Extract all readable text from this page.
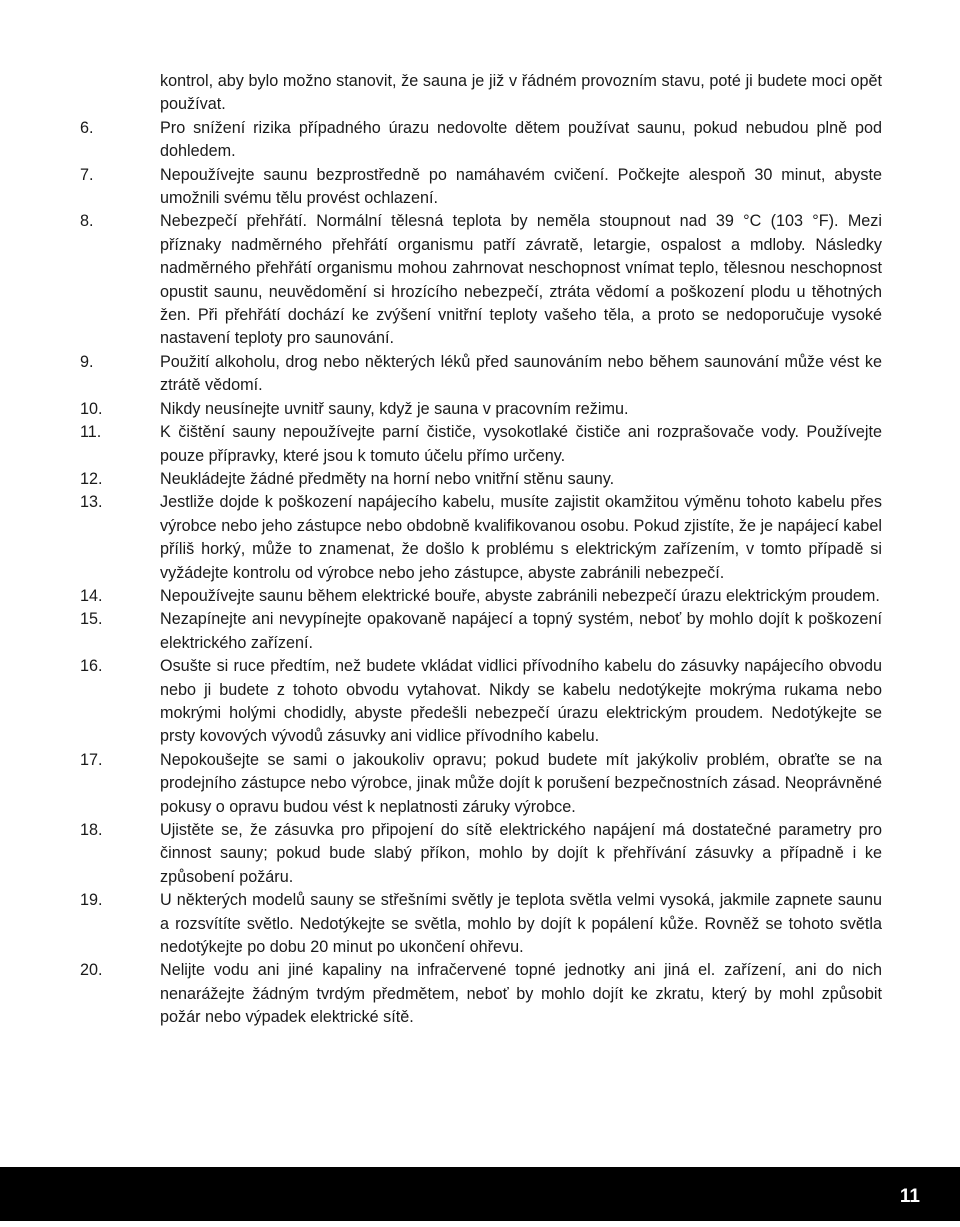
kontrol, aby bylo možno stanovit, že sauna je již v řádném provozním stavu, poté ji budete moci opět používat.
6.	Pro snížení rizika případného úrazu nedovolte dětem používat saunu, pokud nebudou plně pod dohledem.
7.	Nepoužívejte saunu bezprostředně po namáhavém cvičení. Počkejte alespoň 30 minut, abyste umožnili svému tělu provést ochlazení.
8.	Nebezpečí přehřátí. Normální tělesná teplota by neměla stoupnout nad 39 °C (103 °F). Mezi příznaky nadměrného přehřátí organismu patří závratě, letargie, ospalost a mdloby. Následky nadměrného přehřátí organismu mohou zahrnovat neschopnost vnímat teplo, tělesnou neschopnost opustit saunu, neuvědomění si hrozícího nebezpečí, ztráta vědomí a poškození plodu u těhotných žen. Při přehřátí dochází ke zvýšení vnitřní teploty vašeho těla, a proto se nedoporučuje vysoké nastavení teploty pro saunování.
9.	Použití alkoholu, drog nebo některých léků před saunováním nebo během saunování může vést ke ztrátě vědomí.
10.	Nikdy neusínejte uvnitř sauny, když je sauna v pracovním režimu.
11.	K čištění sauny nepoužívejte parní čističe, vysokotlaké čističe ani rozprašovače vody. Používejte pouze přípravky, které jsou k tomuto účelu přímo určeny.
12.	Neukládejte žádné předměty na horní nebo vnitřní stěnu sauny.
13.	Jestliže dojde k poškození napájecího kabelu, musíte zajistit okamžitou výměnu tohoto kabelu přes výrobce nebo jeho zástupce nebo obdobně kvalifikovanou osobu. Pokud zjistíte, že je napájecí kabel příliš horký, může to znamenat, že došlo k problému s elektrickým zařízením, v tomto případě si vyžádejte kontrolu od výrobce nebo jeho zástupce, abyste zabránili nebezpečí.
14.	Nepoužívejte saunu během elektrické bouře, abyste zabránili nebezpečí úrazu elektrickým proudem.
15.	Nezapínejte ani nevypínejte opakovaně napájecí a topný systém, neboť by mohlo dojít k poškození elektrického zařízení.
16.	Osušte si ruce předtím, než budete vkládat vidlici přívodního kabelu do zásuvky napájecího obvodu nebo ji budete z tohoto obvodu vytahovat. Nikdy se kabelu nedotýkejte mokrýma rukama nebo mokrými holými chodidly, abyste předešli nebezpečí úrazu elektrickým proudem. Nedotýkejte se prsty kovových vývodů zásuvky ani vidlice přívodního kabelu.
17.	Nepokoušejte se sami o jakoukoliv opravu; pokud budete mít jakýkoliv problém, obraťte se na prodejního zástupce nebo výrobce, jinak může dojít k porušení bezpečnostních zásad. Neoprávněné pokusy o opravu budou vést k neplatnosti záruky výrobce.
18.	Ujistěte se, že zásuvka pro připojení do sítě elektrického napájení má dostatečné parametry pro činnost sauny; pokud bude slabý příkon, mohlo by dojít k přehřívání zásuvky a případně i ke způsobení požáru.
19.	U některých modelů sauny se střešními světly je teplota světla velmi vysoká, jakmile zapnete saunu a rozsvítíte světlo. Nedotýkejte se světla, mohlo by dojít k popálení kůže. Rovněž se tohoto světla nedotýkejte po dobu 20 minut po ukončení ohřevu.
20.	Nelijte vodu ani jiné kapaliny na infračervené topné jednotky ani jiná el. zařízení, ani do nich nenarážejte žádným tvrdým předmětem, neboť by mohlo dojít ke zkratu, který by mohl způsobit požár nebo výpadek elektrické sítě.
11
